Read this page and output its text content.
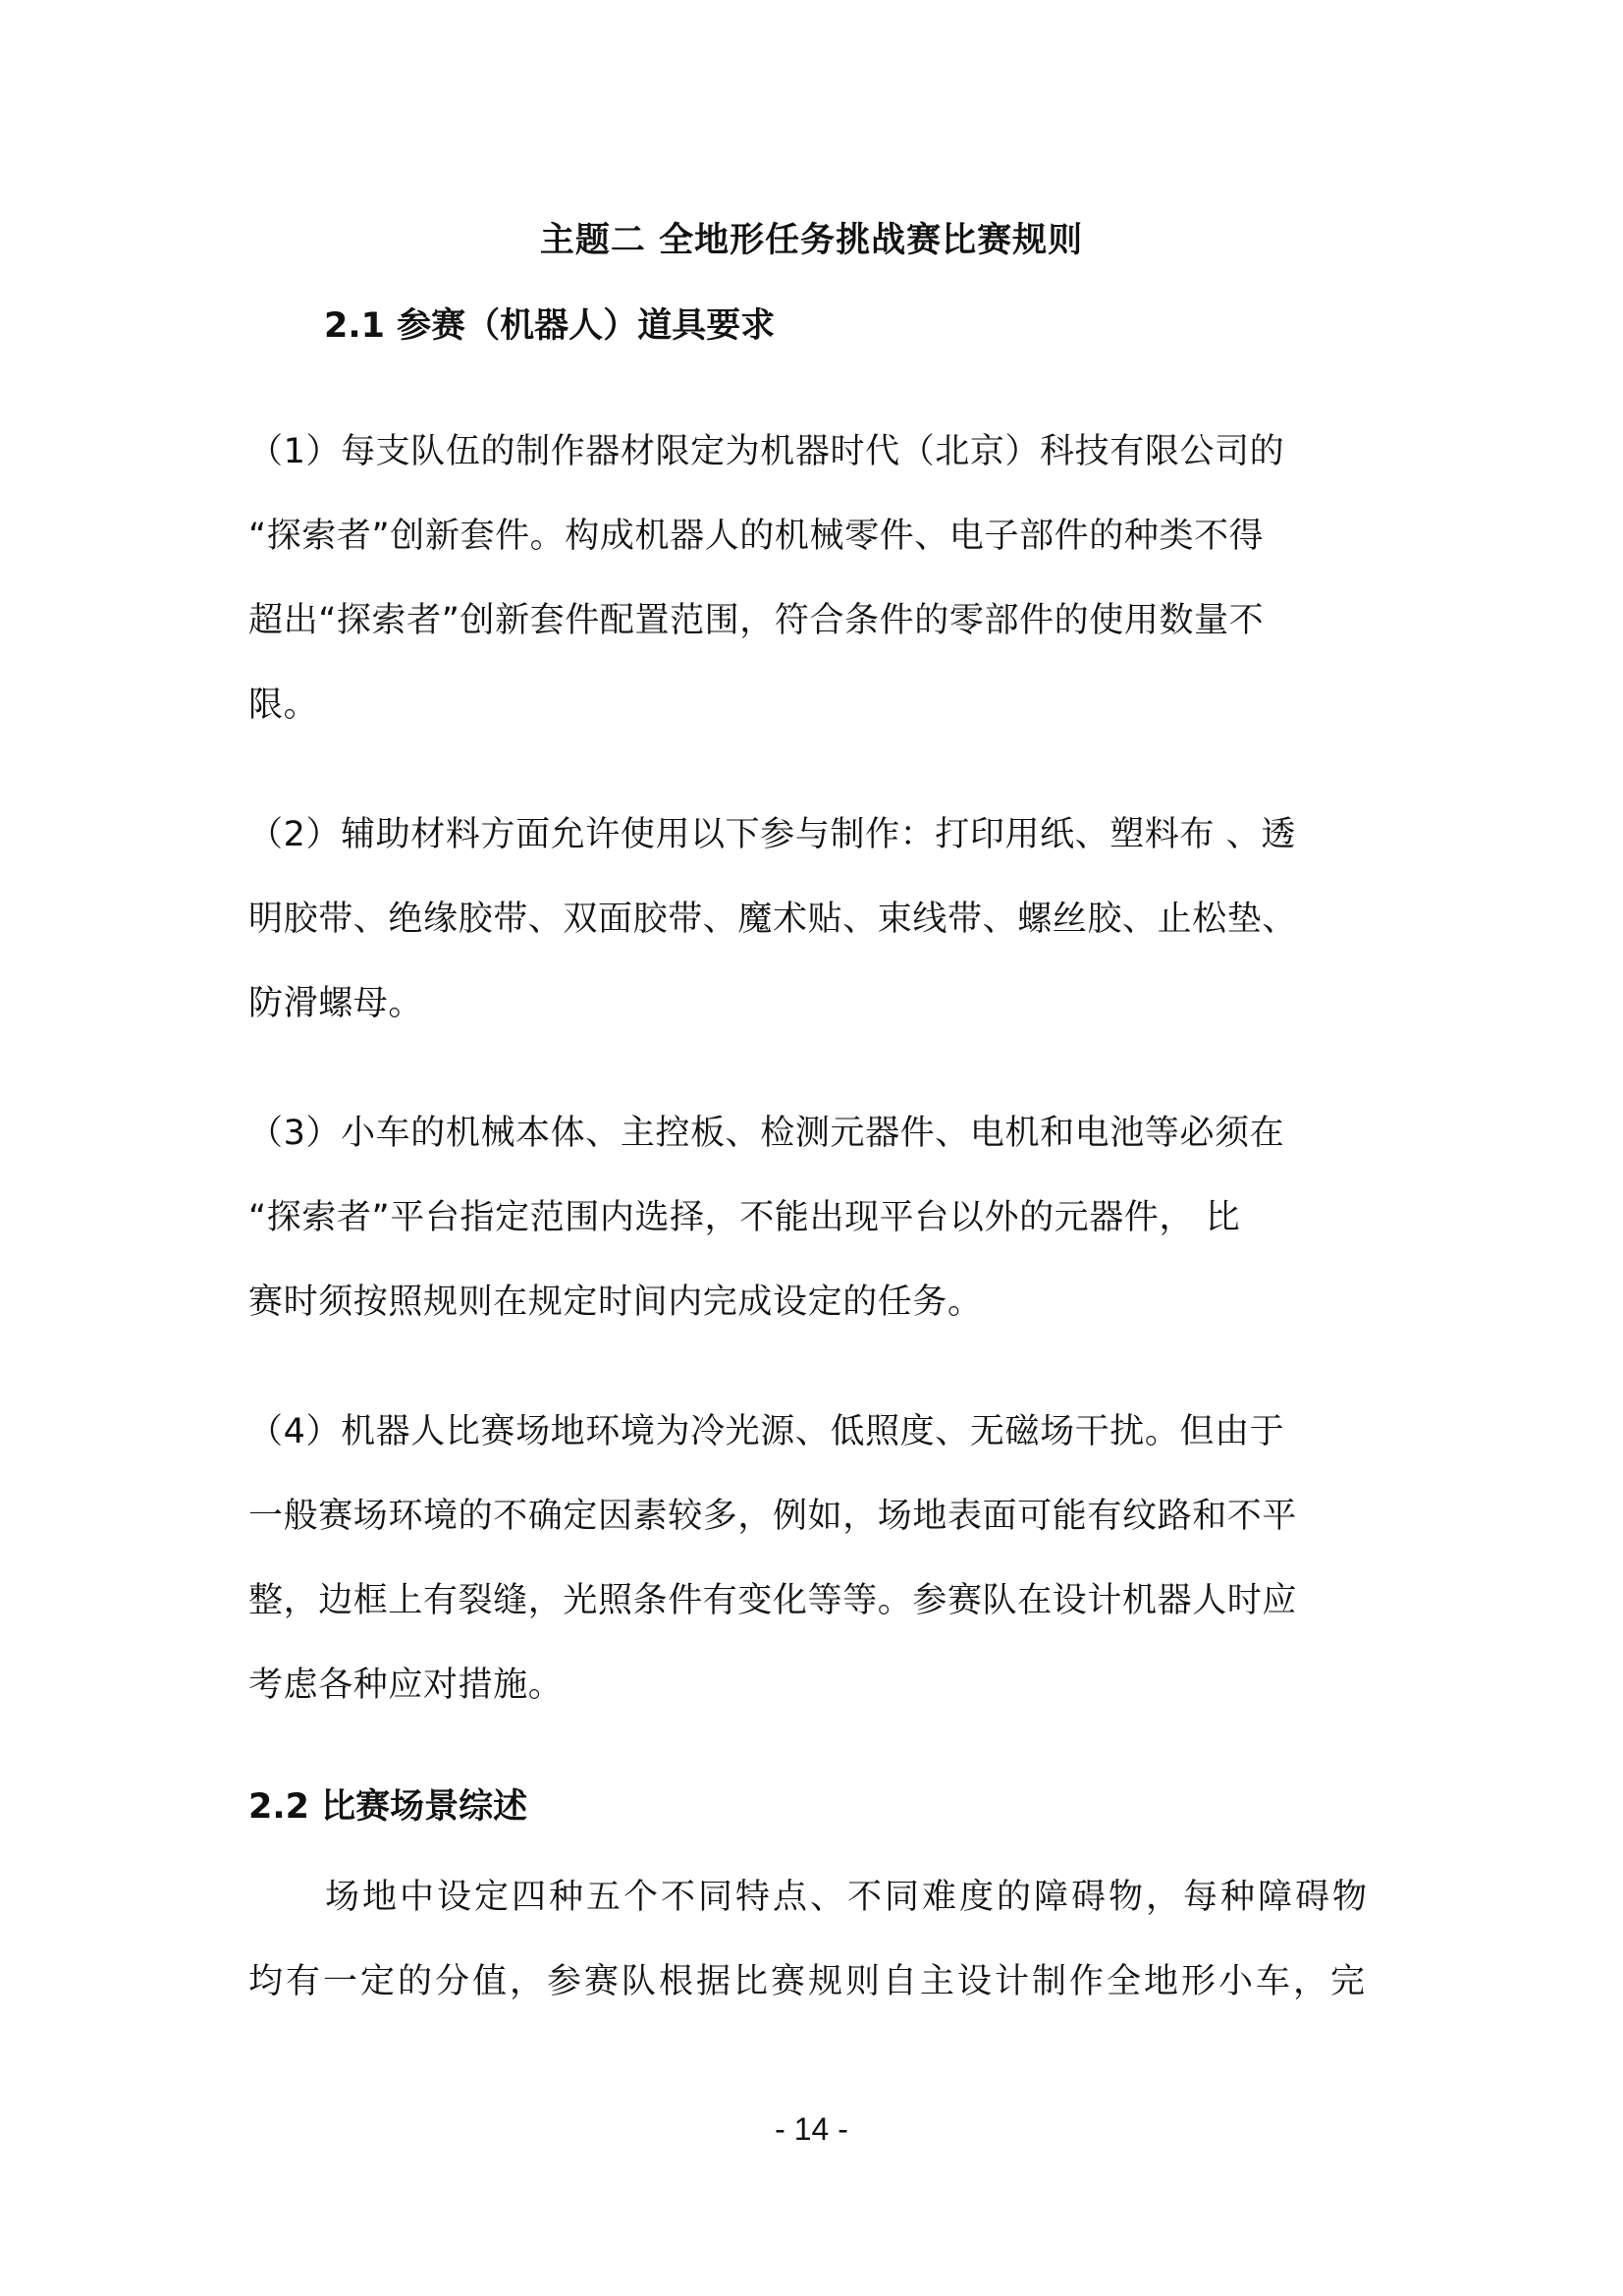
主题二 全地形任务挑战赛比赛规则
2.1 参赛（机器人）道具要求
（1）每支队伍的制作器材限定为机器时代（北京）科技有限公司的
“探索者”创新套件。构成机器人的机械零件、电子部件的种类不得
超出“探索者”创新套件配置范围，符合条件的零部件的使用数量不
限。
（2）辅助材料方面允许使用以下参与制作：打印用纸、塑料布 、透
明胶带、绝缘胶带、双面胶带、魔术贴、束线带、螺丝胶、止松垫、
防滑螺母。
（3）小车的机械本体、主控板、检测元器件、电机和电池等必须在
“探索者”平台指定范围内选择，不能出现平台以外的元器件， 比
赛时须按照规则在规定时间内完成设定的任务。
（4）机器人比赛场地环境为冷光源、低照度、无磁场干扰。但由于
一般赛场环境的不确定因素较多，例如，场地表面可能有纹路和不平
整，边框上有裂缝，光照条件有变化等等。参赛队在设计机器人时应
考虑各种应对措施。
2.2 比赛场景综述
场地中设定四种五个不同特点、不同难度的障碍物，每种障碍物
均有一定的分值，参赛队根据比赛规则自主设计制作全地形小车，完
- 14 -
